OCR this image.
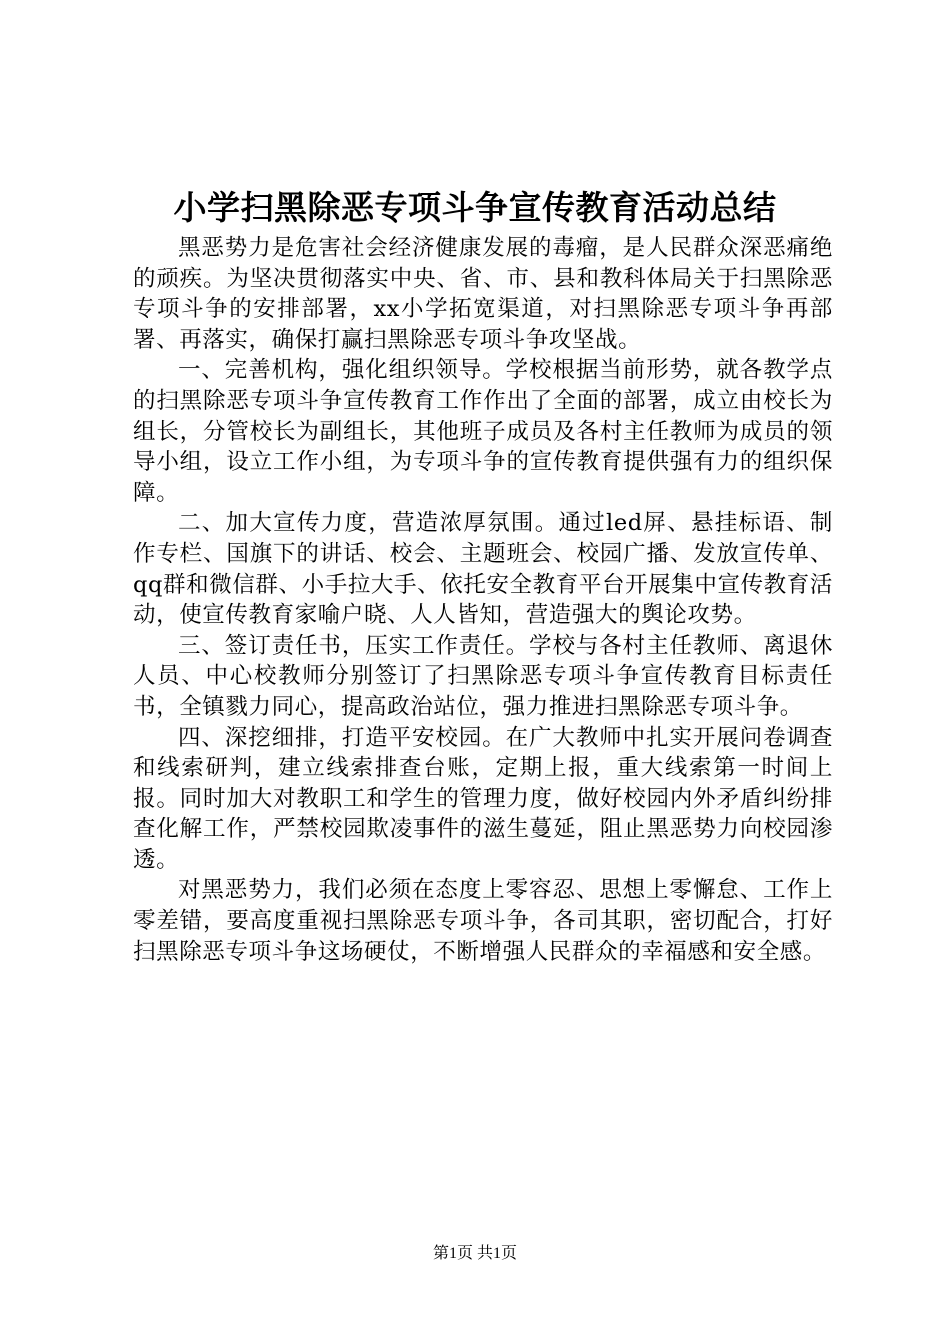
小学扫黑除恶专项斗争宣传教育活动总结

黑恶势力是危害社会经济健康发展的毒瘤，是人民群众深恶痛绝的顽疾。为坚决贯彻落实中央、省、市、县和教科体局关于扫黑除恶专项斗争的安排部署，xx小学拓宽渠道，对扫黑除恶专项斗争再部署、再落实，确保打赢扫黑除恶专项斗争攻坚战。

一、完善机构，强化组织领导。学校根据当前形势，就各教学点的扫黑除恶专项斗争宣传教育工作作出了全面的部署，成立由校长为组长，分管校长为副组长，其他班子成员及各村主任教师为成员的领导小组，设立工作小组，为专项斗争的宣传教育提供强有力的组织保障。

二、加大宣传力度，营造浓厚氛围。通过led屏、悬挂标语、制作专栏、国旗下的讲话、校会、主题班会、校园广播、发放宣传单、qq群和微信群、小手拉大手、依托安全教育平台开展集中宣传教育活动，使宣传教育家喻户晓、人人皆知，营造强大的舆论攻势。

三、签订责任书，压实工作责任。学校与各村主任教师、离退休人员、中心校教师分别签订了扫黑除恶专项斗争宣传教育目标责任书，全镇戮力同心，提高政治站位，强力推进扫黑除恶专项斗争。

四、深挖细排，打造平安校园。在广大教师中扎实开展问卷调查和线索研判，建立线索排查台账，定期上报，重大线索第一时间上报。同时加大对教职工和学生的管理力度，做好校园内外矛盾纠纷排查化解工作，严禁校园欺凌事件的滋生蔓延，阻止黑恶势力向校园渗透。

对黑恶势力，我们必须在态度上零容忍、思想上零懈怠、工作上零差错，要高度重视扫黑除恶专项斗争，各司其职，密切配合，打好扫黑除恶专项斗争这场硬仗，不断增强人民群众的幸福感和安全感。

第1页 共1页
